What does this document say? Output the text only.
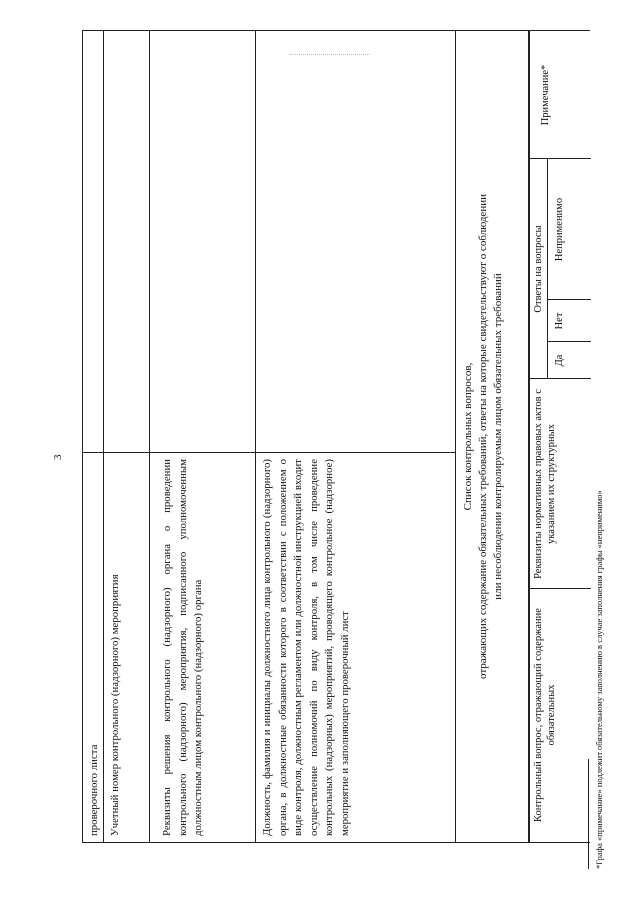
3
проверочного листа Учетный номер контрольного (надзорного) мероприятия	Реквизиты решения контрольного (надзорного) органа о проведении контрольного (надзорного) мероприятия, подписанного уполномоченным должностным лицом контрольного (надзорного) органа	Должность, фамилия и инициалы должностного лица контрольного (надзорного) органа, в должностные обязанности которого в соответствии с положением о виде контроля, должностным регламентом или должностной инструкцией входит осуществление полномочий по виду контроля, в том числе проведение контрольных (надзорных) мероприятий, проводящего контрольное (надзорное) мероприятие и заполняющего проверочный лист
Список контрольных вопросов, отражающих содержание обязательных требований, ответы на которые свидетельствуют о соблюдении или несоблюдении контролируемым лицом обязательных требований
Контрольный вопрос, отражающий содержание обязательных
Реквизиты нормативных правовых актов с указанием их структурных
Ответы на вопросы
Да
Нет
Неприменимо
Примечание*
*Графа «примечание» подлежит обязательному заполнению в случае заполнения графы «неприменимо»
